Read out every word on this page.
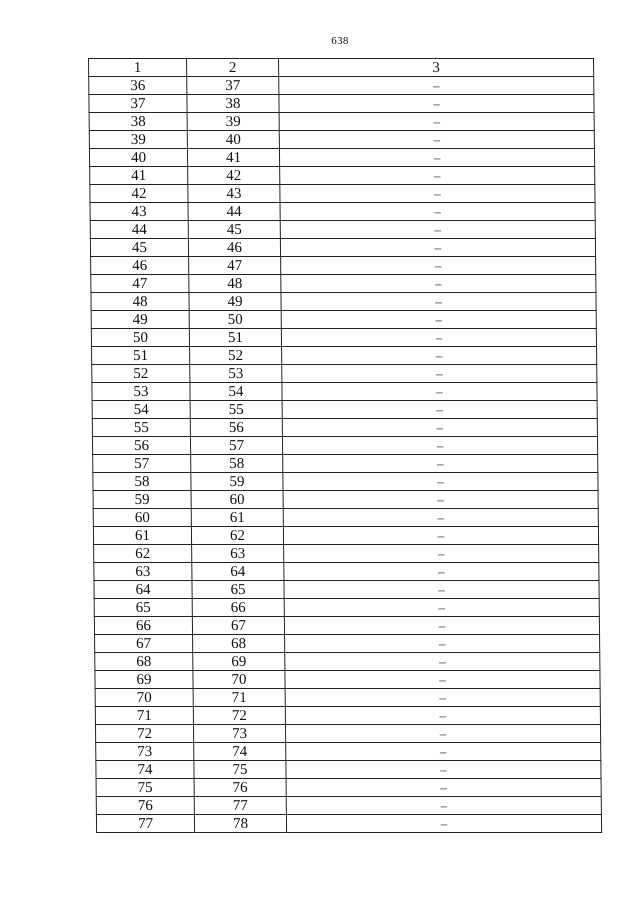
638
1	2	3
36	37	–
37	38	–
38	39	–
39	40	–
40	41	–
41	42	–
42	43	–
43	44	–
44	45	–
45	46	–
46	47	–
47	48	–
48	49	–
49	50	–
50	51	–
51	52	–
52	53	–
53	54	–
54	55	–
55	56	–
56	57	–
57	58	–
58	59	–
59	60	–
60	61	–
61	62	–
62	63	–
63	64	–
64	65	–
65	66	–
66	67	–
67	68	–
68	69	–
69	70	–
70	71	–
71	72	–
72	73	–
73	74	–
74	75	–
75	76	–
76	77	–
77	78	–
